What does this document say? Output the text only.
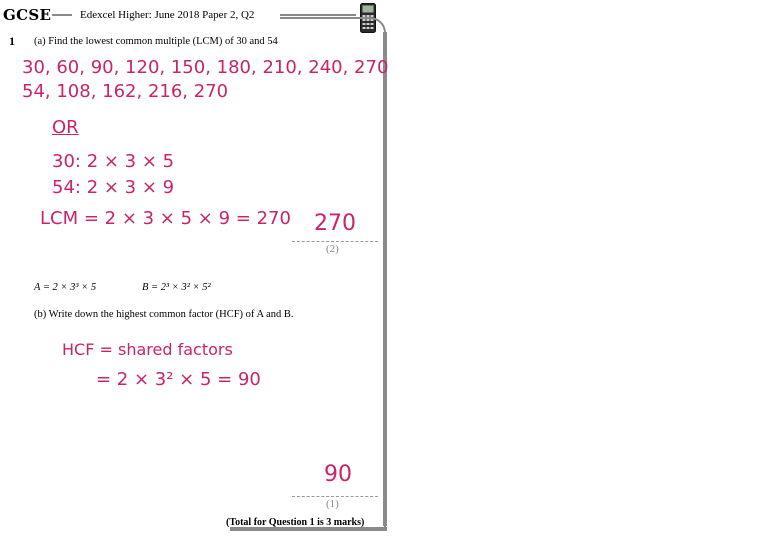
GCSE	Edexcel Higher: June 2018 Paper 2, Q2
1 (a) Find the lowest common multiple (LCM) of 30 and 54
30, 60, 90, 120, 150, 180, 210, 240, 270
54, 108, 162, 216, 270
OR
30: 2 × 3 × 5
54: 2 × 3 × 9
LCM = 2 × 3 × 5 × 9 = 270 270
(2)
A = 2 × 3³ × 5	B = 2³ × 3² × 5²
(b) Write down the highest common factor (HCF) of A and B.
HCF = shared factors
= 2 × 3² × 5 = 90
90
(1)
(Total for Question 1 is 3 marks)
